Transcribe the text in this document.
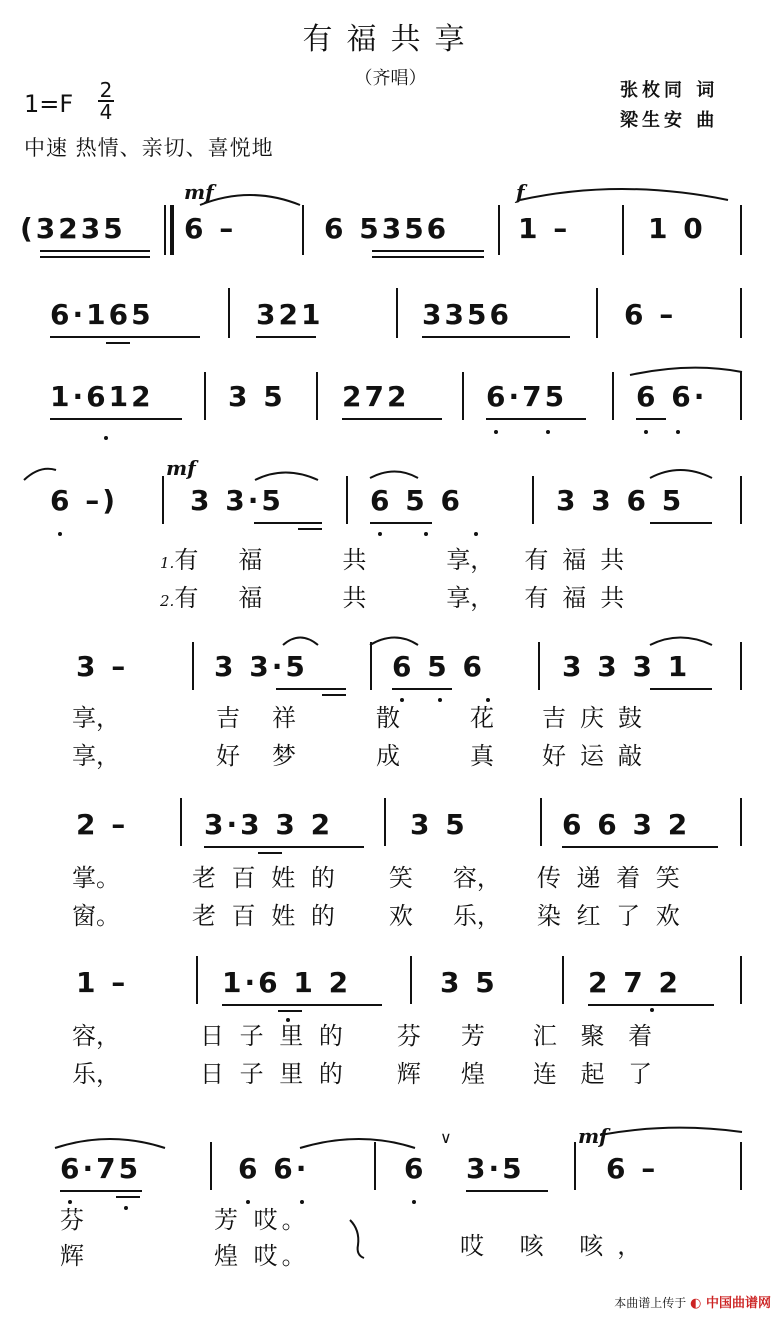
有福共享
（齐唱）
张枚同 词
梁生安 曲
1=F 2
4
中速 热情、亲切、喜悦地
mf	f
(3235 6 –	6 5356 1 –	1 0
6·165	321	3356	6 –
1·612	3 5 272	6·75 6 6·
mf
6 –)	3 3·5	6 5 6	3 3 6 5
1.有 福	共	享， 有福共
2.有 福	共	享， 有福共
3 –	3 3·5	6 5 6	3 3 3 1
享，	吉 祥	散	花 吉庆鼓
享，	好 梦	成	真 好运敲
2 –	3·3 3 2	3 5	6 6 3 2
掌。	老 百 姓 的 笑 容， 传 递 着 笑
窗。	老 百 姓 的 欢 乐， 染 红 了 欢
1 –	1·6 1 2	3 5	2 7 2
容，	日 子 里 的 芬 芳 汇 聚 着
乐，	日 子 里 的 辉 煌 连 起 了
∨	mf
6·75	6 6·	6 3·5	6 –
芬	芳 哎。
辉	煌 哎。	哎 咳 咳，
本曲谱上传于 ◐ 中国曲谱网
